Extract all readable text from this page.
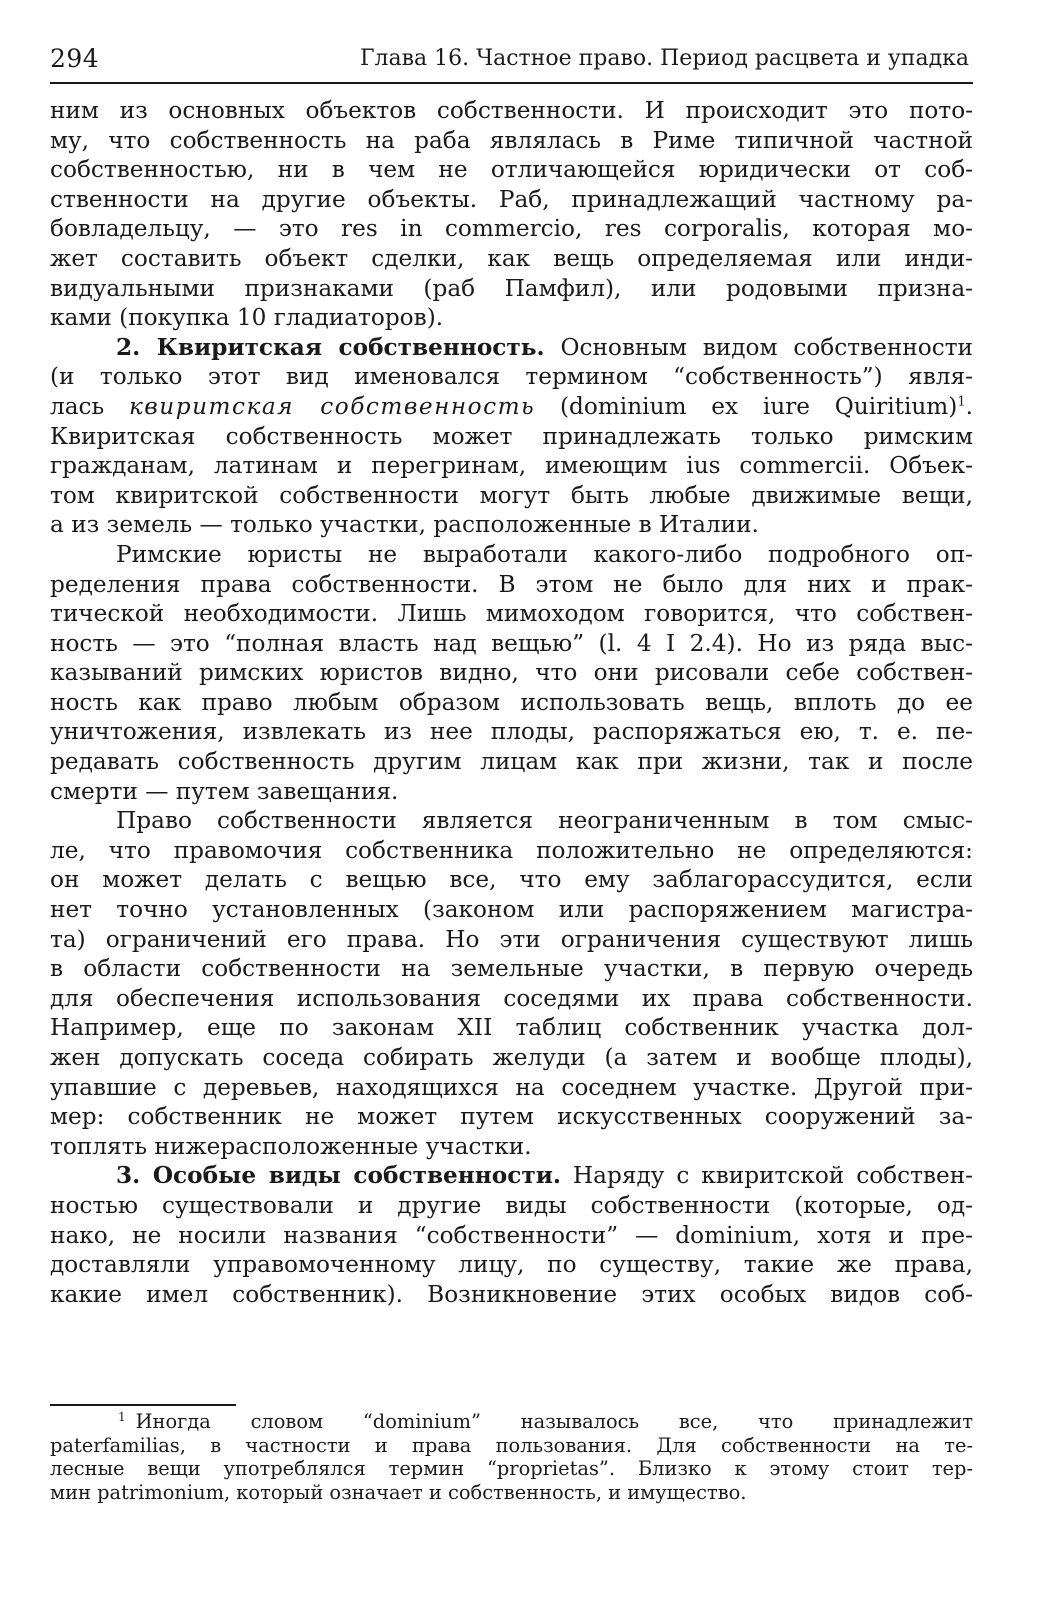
294	Глава 16. Частное право. Период расцвета и упадка
ним из основных объектов собственности. И происходит это пото-
му, что собственность на раба являлась в Риме типичной частной
собственностью, ни в чем не отличающейся юридически от соб-
ственности на другие объекты. Раб, принадлежащий частному ра-
бовладельцу, — это res in commercio, res corporalis, которая мо-
жет составить объект сделки, как вещь определяемая или инди-
видуальными признаками (раб Памфил), или родовыми призна-
ками (покупка 10 гладиаторов).
2. Квиритская собственность. Основным видом собственности
(и только этот вид именовался термином “собственность”) явля-
лась квиритская собственность (dominium ex iure Quiritium)$^1$.
Квиритская собственность может принадлежать только римским
гражданам, латинам и перегринам, имеющим ius commercii. Объек-
том квиритской собственности могут быть любые движимые вещи,
а из земель — только участки, расположенные в Италии.
Римские юристы не выработали какого-либо подробного оп-
ределения права собственности. В этом не было для них и прак-
тической необходимости. Лишь мимоходом говорится, что собствен-
ность — это “полная власть над вещью” (l. 4 I 2.4). Но из ряда выс-
казываний римских юристов видно, что они рисовали себе собствен-
ность как право любым образом использовать вещь, вплоть до ее
уничтожения, извлекать из нее плоды, распоряжаться ею, т. е. пе-
редавать собственность другим лицам как при жизни, так и после
смерти — путем завещания.
Право собственности является неограниченным в том смыс-
ле, что правомочия собственника положительно не определяются:
он может делать с вещью все, что ему заблагорассудится, если
нет точно установленных (законом или распоряжением магистра-
та) ограничений его права. Но эти ограничения существуют лишь
в области собственности на земельные участки, в первую очередь
для обеспечения использования соседями их права собственности.
Например, еще по законам XII таблиц собственник участка дол-
жен допускать соседа собирать желуди (а затем и вообще плоды),
упавшие с деревьев, находящихся на соседнем участке. Другой при-
мер: собственник не может путем искусственных сооружений за-
топлять нижерасположенные участки.
3. Особые виды собственности. Наряду с квиритской собствен-
ностью существовали и другие виды собственности (которые, од-
нако, не носили названия “собственности” — dominium, хотя и пре-
доставляли управомоченному лицу, по существу, такие же права,
какие имел собственник). Возникновение этих особых видов соб-
$^1$ Иногда словом “dominium” называлось все, что принадлежит
paterfamilias, в частности и права пользования. Для собственности на те-
лесные вещи употреблялся термин “proprietas”. Близко к этому стоит тер-
мин patrimonium, который означает и собственность, и имущество.
